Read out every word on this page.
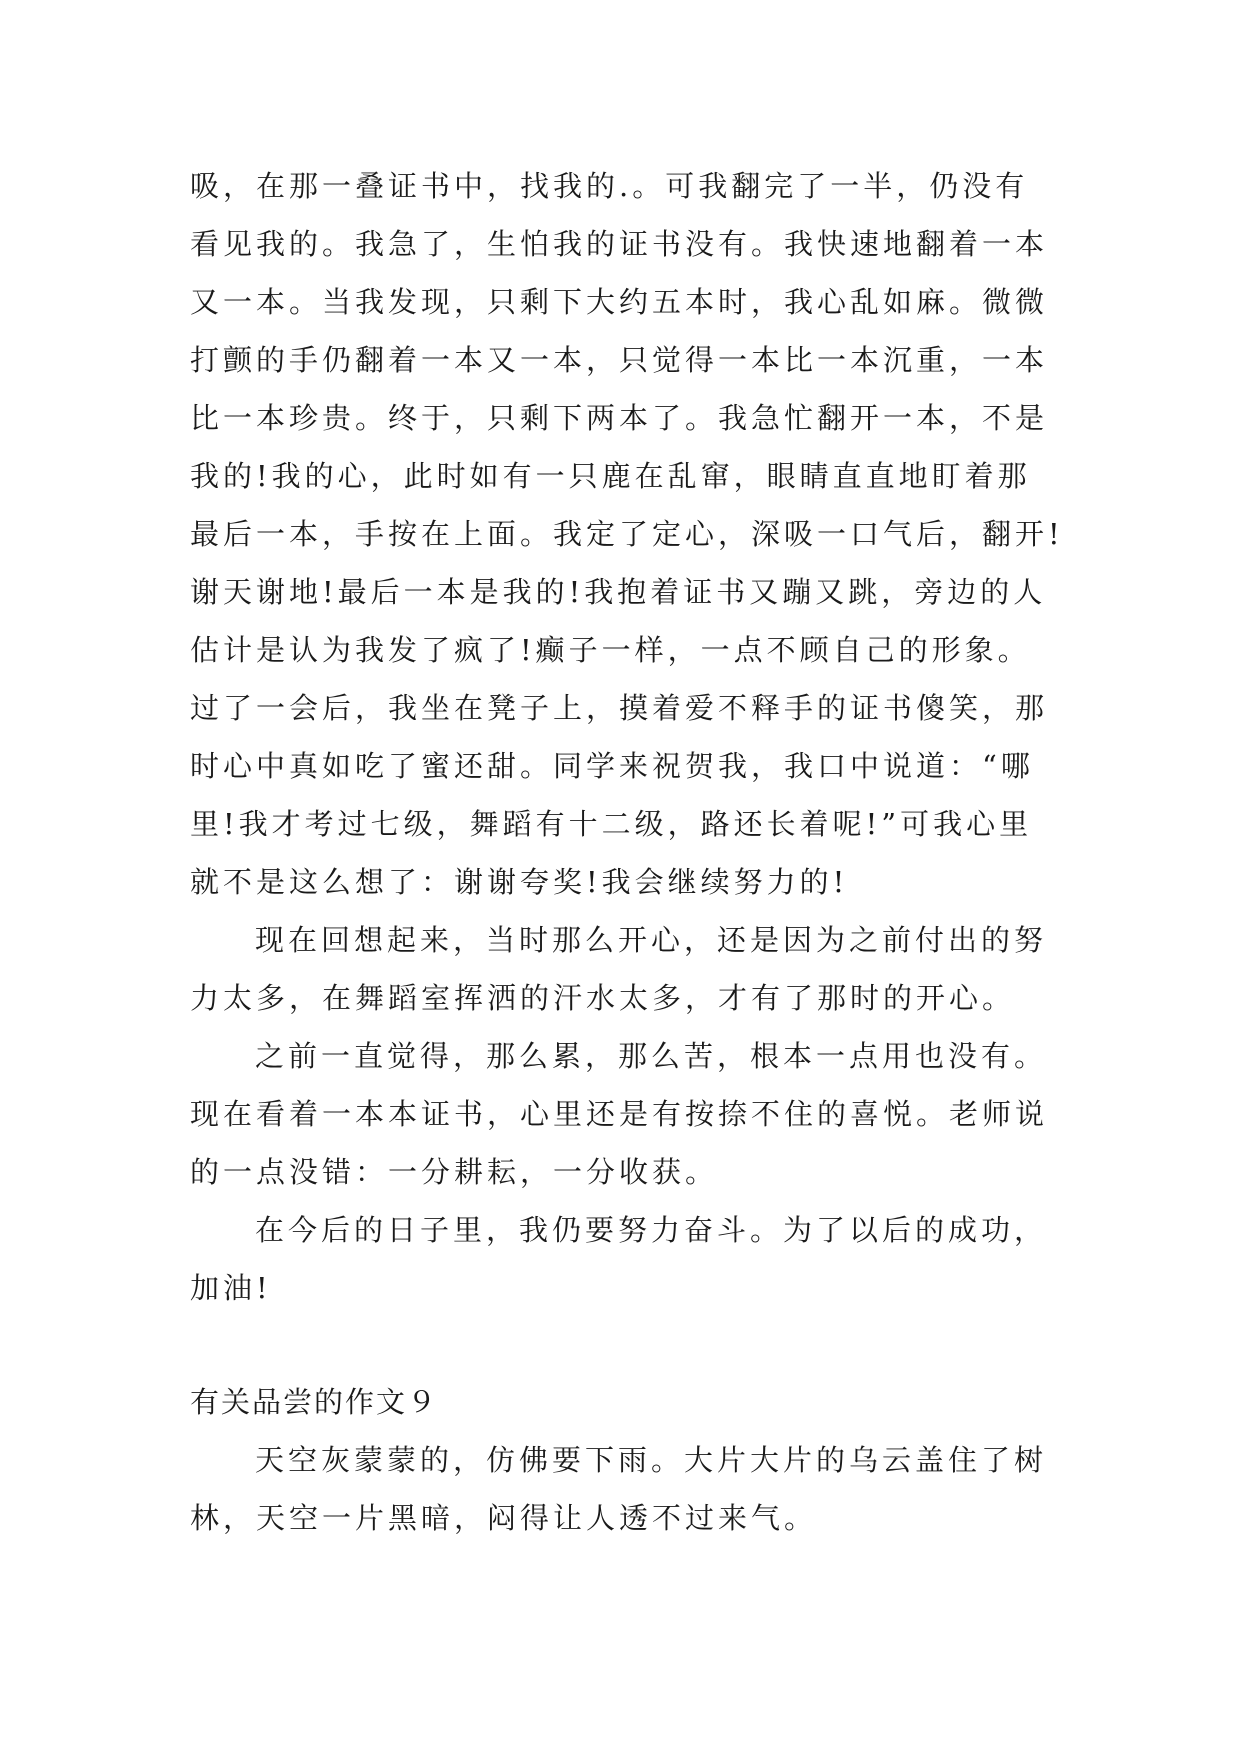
吸，在那一叠证书中，找我的.。可我翻完了一半，仍没有
看见我的。我急了，生怕我的证书没有。我快速地翻着一本
又一本。当我发现，只剩下大约五本时，我心乱如麻。微微
打颤的手仍翻着一本又一本，只觉得一本比一本沉重，一本
比一本珍贵。终于，只剩下两本了。我急忙翻开一本，不是
我的!我的心，此时如有一只鹿在乱窜，眼睛直直地盯着那
最后一本，手按在上面。我定了定心，深吸一口气后，翻开!
谢天谢地!最后一本是我的!我抱着证书又蹦又跳，旁边的人
估计是认为我发了疯了!癫子一样，一点不顾自己的形象。
过了一会后，我坐在凳子上，摸着爱不释手的证书傻笑，那
时心中真如吃了蜜还甜。同学来祝贺我，我口中说道：“哪
里!我才考过七级，舞蹈有十二级，路还长着呢!”可我心里
就不是这么想了：谢谢夸奖!我会继续努力的!
现在回想起来，当时那么开心，还是因为之前付出的努
力太多，在舞蹈室挥洒的汗水太多，才有了那时的开心。
之前一直觉得，那么累，那么苦，根本一点用也没有。
现在看着一本本证书，心里还是有按捺不住的喜悦。老师说
的一点没错：一分耕耘，一分收获。
在今后的日子里，我仍要努力奋斗。为了以后的成功，
加油!
有关品尝的作文９
天空灰蒙蒙的，仿佛要下雨。大片大片的乌云盖住了树
林，天空一片黑暗，闷得让人透不过来气。
